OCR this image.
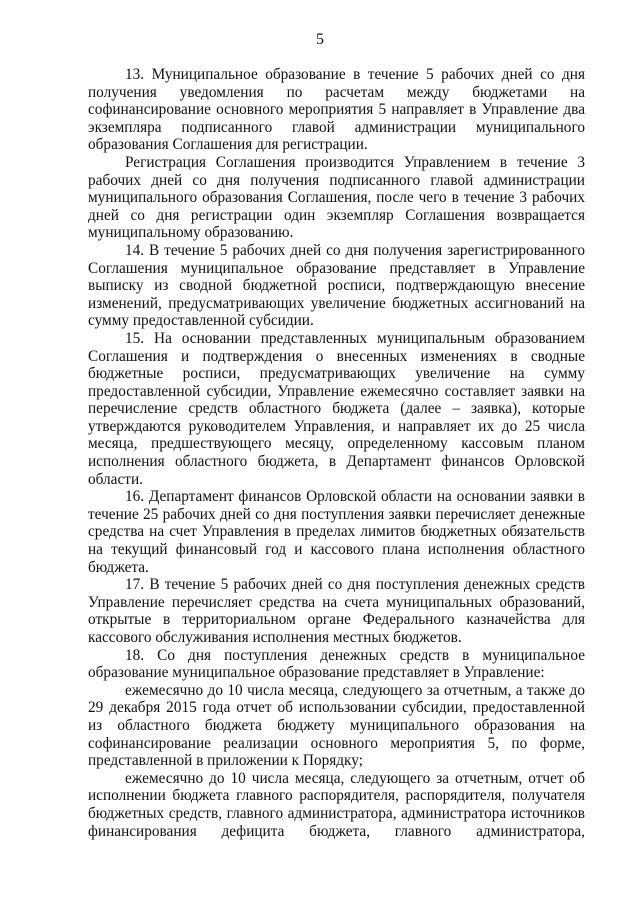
5

13. Муниципальное образование в течение 5 рабочих дней со дня получения уведомления по расчетам между бюджетами на софинансирование основного мероприятия 5 направляет в Управление два экземпляра подписанного главой администрации муниципального образования Соглашения для регистрации.

Регистрация Соглашения производится Управлением в течение 3 рабочих дней со дня получения подписанного главой администрации муниципального образования Соглашения, после чего в течение 3 рабочих дней со дня регистрации один экземпляр Соглашения возвращается муниципальному образованию.

14. В течение 5 рабочих дней со дня получения зарегистрированного Соглашения муниципальное образование представляет в Управление выписку из сводной бюджетной росписи, подтверждающую внесение изменений, предусматривающих увеличение бюджетных ассигнований на сумму предоставленной субсидии.

15. На основании представленных муниципальным образованием Соглашения и подтверждения о внесенных изменениях в сводные бюджетные росписи, предусматривающих увеличение на сумму предоставленной субсидии, Управление ежемесячно составляет заявки на перечисление средств областного бюджета (далее – заявка), которые утверждаются руководителем Управления, и направляет их до 25 числа месяца, предшествующего месяцу, определенному кассовым планом исполнения областного бюджета, в Департамент финансов Орловской области.

16. Департамент финансов Орловской области на основании заявки в течение 25 рабочих дней со дня поступления заявки перечисляет денежные средства на счет Управления в пределах лимитов бюджетных обязательств на текущий финансовый год и кассового плана исполнения областного бюджета.

17. В течение 5 рабочих дней со дня поступления денежных средств Управление перечисляет средства на счета муниципальных образований, открытые в территориальном органе Федерального казначейства для кассового обслуживания исполнения местных бюджетов.

18. Со дня поступления денежных средств в муниципальное образование муниципальное образование представляет в Управление:

ежемесячно до 10 числа месяца, следующего за отчетным, а также до 29 декабря 2015 года отчет об использовании субсидии, предоставленной из областного бюджета бюджету муниципального образования на софинансирование реализации основного мероприятия 5, по форме, представленной в приложении к Порядку;

ежемесячно до 10 числа месяца, следующего за отчетным, отчет об исполнении бюджета главного распорядителя, распорядителя, получателя бюджетных средств, главного администратора, администратора источников финансирования дефицита бюджета, главного администратора,
